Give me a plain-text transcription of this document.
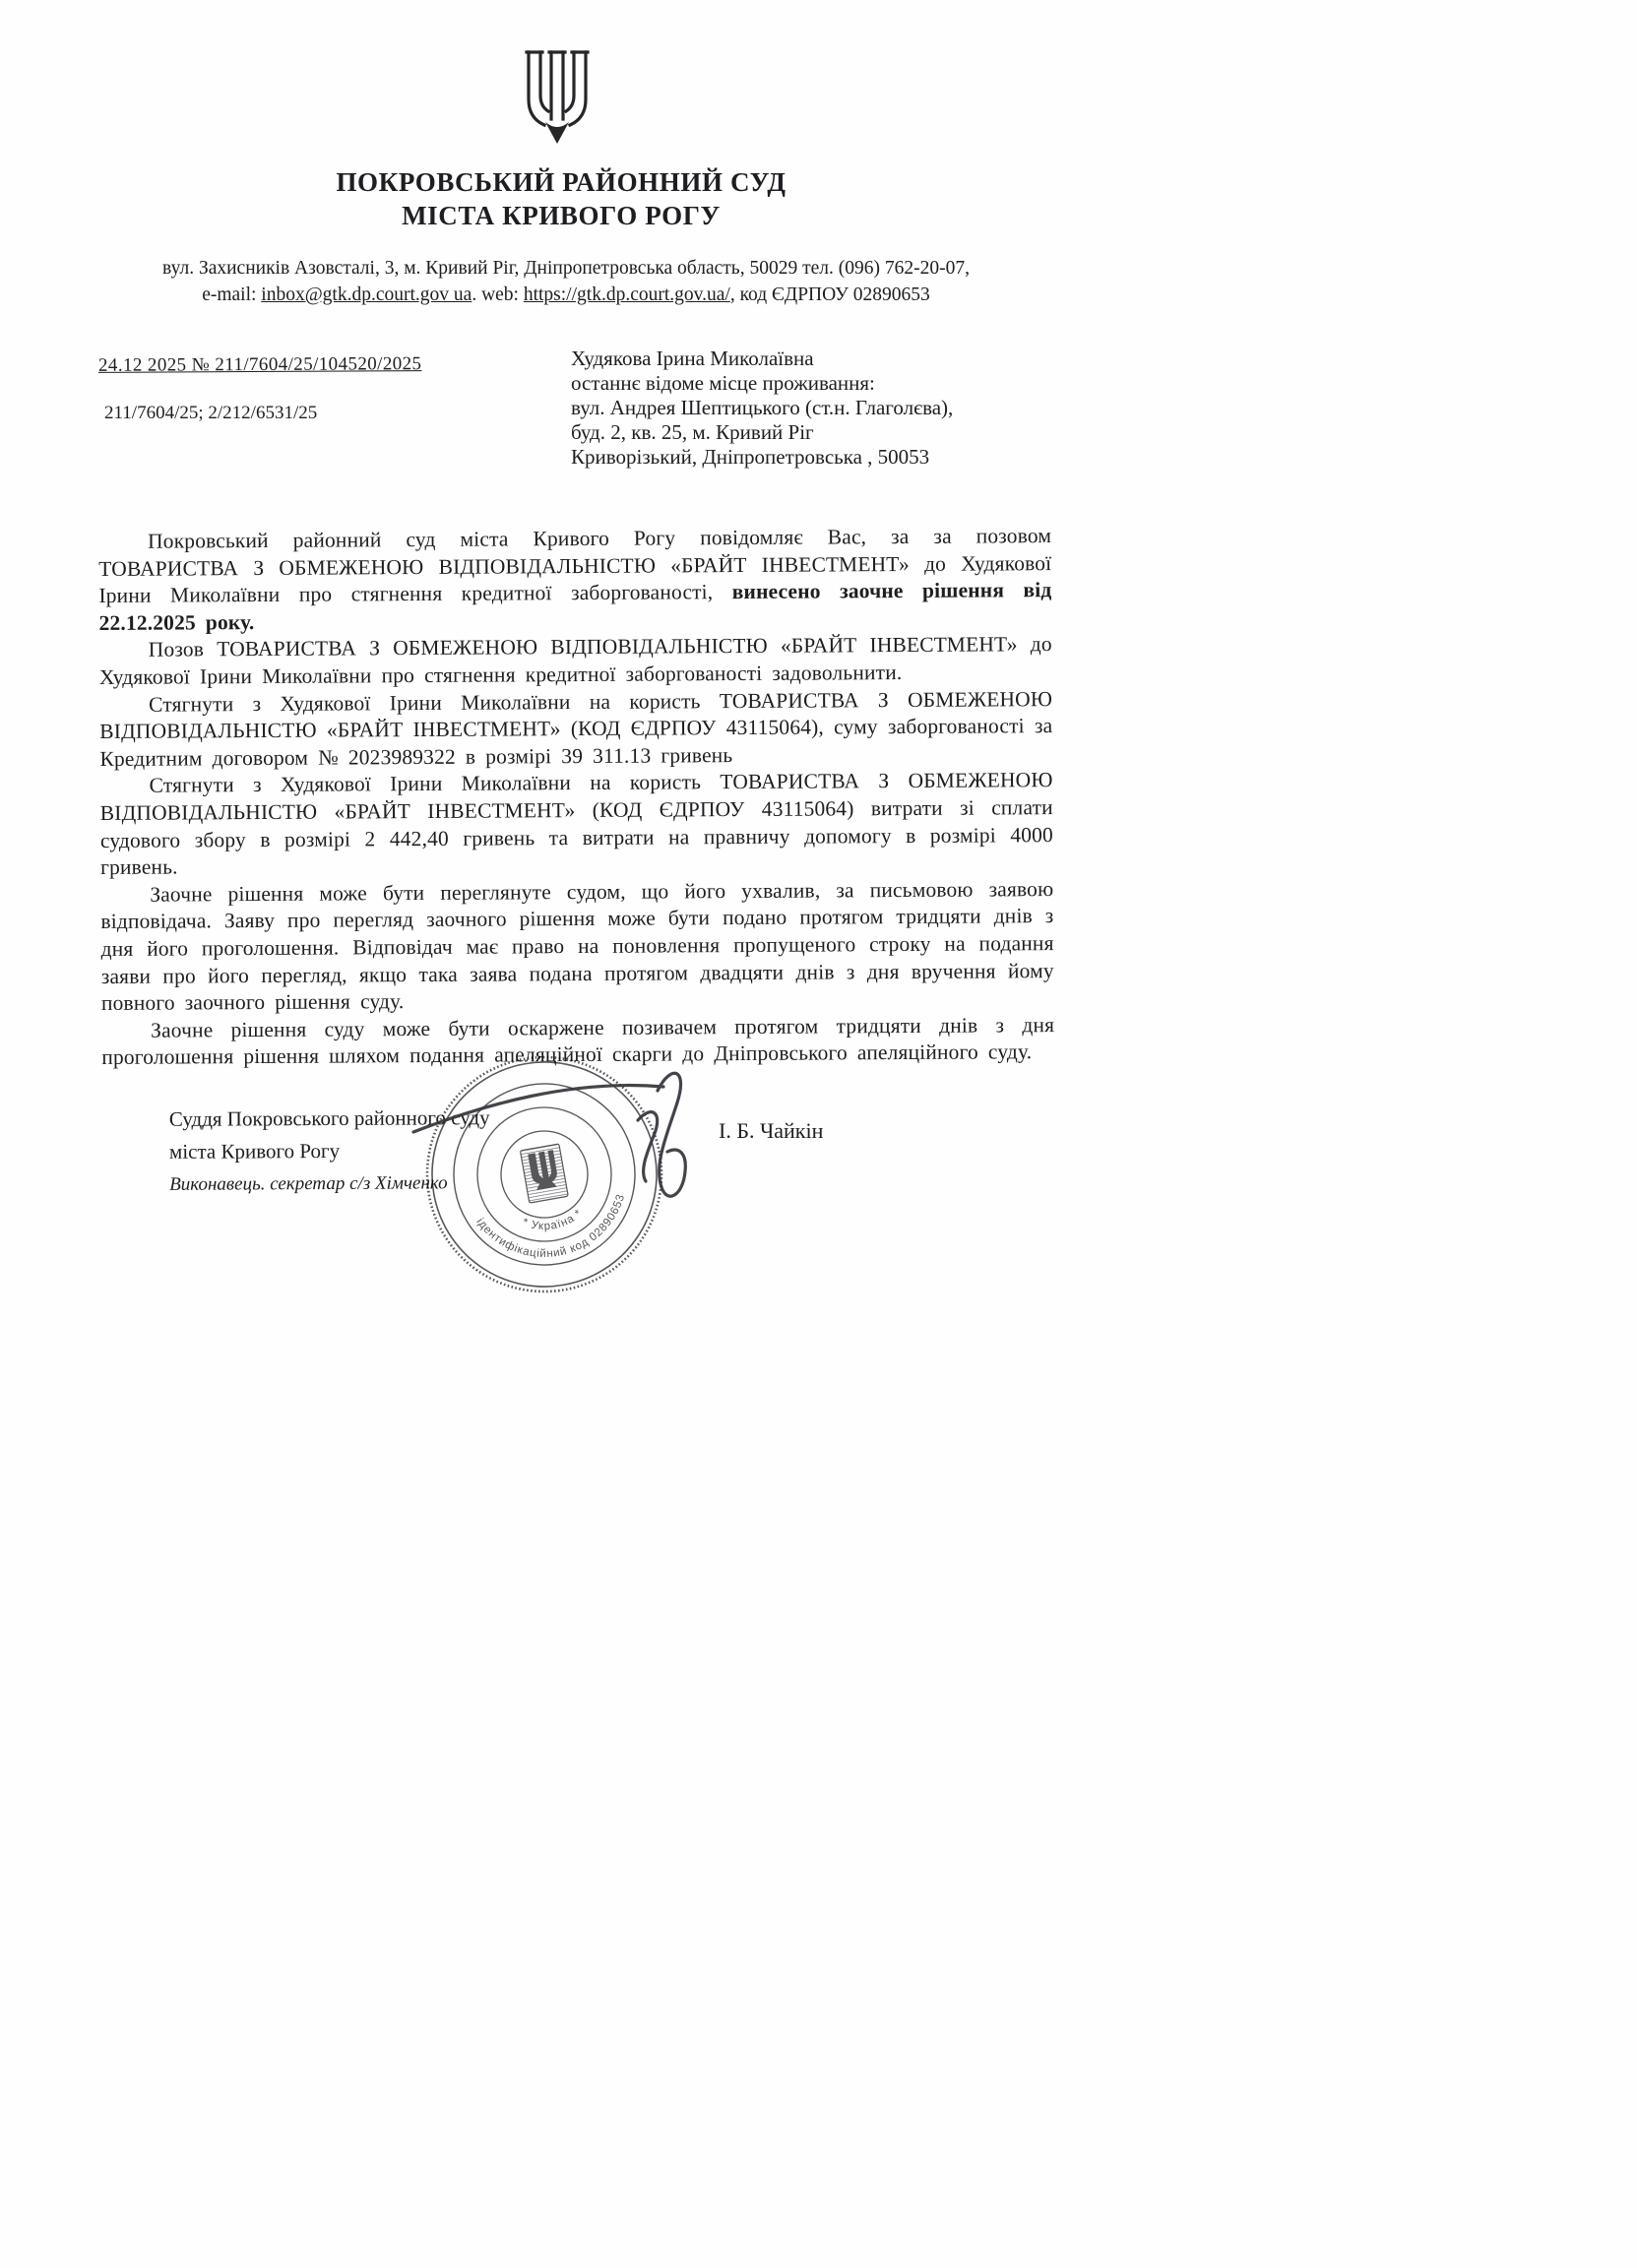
ПОКРОВСЬКИЙ РАЙОННИЙ СУД
МІСТА КРИВОГО РОГУ
вул. Захисників Азовсталі, 3, м. Кривий Ріг, Дніпропетровська область, 50029 тел. (096) 762-20-07,
e-mail: inbox@gtk.dp.court.gov ua. web: https://gtk.dp.court.gov.ua/, код ЄДРПОУ 02890653
24.12 2025 № 211/7604/25/104520/2025
211/7604/25; 2/212/6531/25
Худякова Ірина Миколаївна
останнє відоме місце проживання:
вул. Андрея Шептицького (ст.н. Глаголєва),
буд. 2, кв. 25, м. Кривий Ріг
Криворізький, Дніпропетровська , 50053

Покровський районний суд міста Кривого Рогу повідомляє Вас, за за позовом ТОВАРИСТВА З ОБМЕЖЕНОЮ ВІДПОВІДАЛЬНІСТЮ «БРАЙТ ІНВЕСТМЕНТ» до Худякової Ірини Миколаївни про стягнення кредитної заборгованості, винесено заочне рішення від 22.12.2025 року.

Позов ТОВАРИСТВА З ОБМЕЖЕНОЮ ВІДПОВІДАЛЬНІСТЮ «БРАЙТ ІНВЕСТМЕНТ» до Худякової Ірини Миколаївни про стягнення кредитної заборгованості задовольнити.

Стягнути з Худякової Ірини Миколаївни на користь ТОВАРИСТВА З ОБМЕЖЕНОЮ ВІДПОВІДАЛЬНІСТЮ «БРАЙТ ІНВЕСТМЕНТ» (КОД ЄДРПОУ 43115064), суму заборгованості за Кредитним договором № 2023989322 в розмірі 39 311.13 гривень

Стягнути з Худякової Ірини Миколаївни на користь ТОВАРИСТВА З ОБМЕЖЕНОЮ ВІДПОВІДАЛЬНІСТЮ «БРАЙТ ІНВЕСТМЕНТ» (КОД ЄДРПОУ 43115064) витрати зі сплати судового збору в розмірі 2 442,40 гривень та витрати на правничу допомогу в розмірі 4000 гривень.

Заочне рішення може бути переглянуте судом, що його ухвалив, за письмовою заявою відповідача. Заяву про перегляд заочного рішення може бути подано протягом тридцяти днів з дня його проголошення. Відповідач має право на поновлення пропущеного строку на подання заяви про його перегляд, якщо така заява подана протягом двадцяти днів з дня вручення йому повного заочного рішення суду.

Заочне рішення суду може бути оскаржене позивачем протягом тридцяти днів з дня проголошення рішення шляхом подання апеляційної скарги до Дніпровського апеляційного суду.

Суддя Покровського районного суду
міста Кривого Рогу
Виконавець. секретар с/з Хімченко
І. Б. Чайкін
ідентифікаційний код 02890653
* Україна *
